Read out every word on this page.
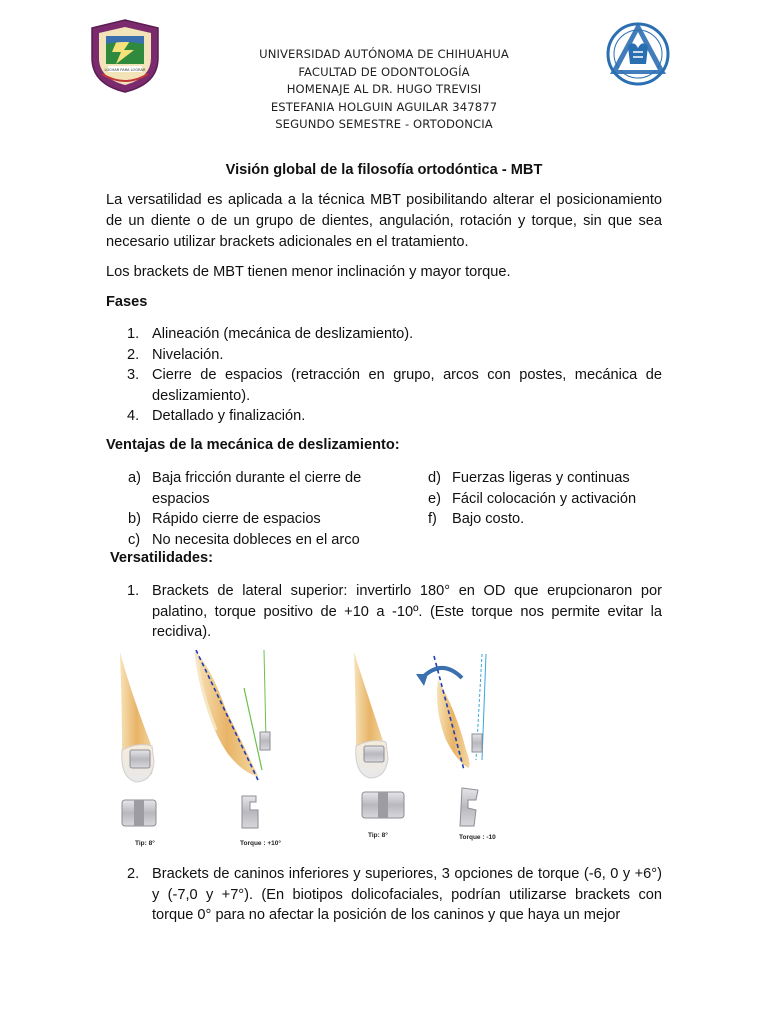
LUCHAR PARA LOGRAR
UNIVERSIDAD AUTÓNOMA DE CHIHUAHUA
FACULTAD DE ODONTOLOGÍA
HOMENAJE AL DR. HUGO TREVISI
ESTEFANIA HOLGUIN AGUILAR 347877
SEGUNDO SEMESTRE - ORTODONCIA
Visión global de la filosofía ortodóntica - MBT
La versatilidad es aplicada a la técnica MBT posibilitando alterar el posicionamiento de un diente o de un grupo de dientes, angulación, rotación y torque, sin que sea necesario utilizar brackets adicionales en el tratamiento.
Los brackets de MBT tienen menor inclinación y mayor torque.
Fases
1. Alineación (mecánica de deslizamiento).
2. Nivelación.
3. Cierre de espacios (retracción en grupo, arcos con postes, mecánica de deslizamiento).
4. Detallado y finalización.
Ventajas de la mecánica de deslizamiento:
a) Baja fricción durante el cierre de espacios
b) Rápido cierre de espacios
c) No necesita dobleces en el arco
d) Fuerzas ligeras y continuas
e) Fácil colocación y activación
f) Bajo costo.
Versatilidades:
1. Brackets de lateral superior: invertirlo 180° en OD que erupcionaron por palatino, torque positivo de +10 a -10º. (Este torque nos permite evitar la recidiva).
Tip: 8°	Torque : +10°
Tip: 8°	Torque : -10
2. Brackets de caninos inferiores y superiores, 3 opciones de torque (-6, 0 y +6°) y (-7,0 y +7°). (En biotipos dolicofaciales, podrían utilizarse brackets con torque 0° para no afectar la posición de los caninos y que haya un mejor
